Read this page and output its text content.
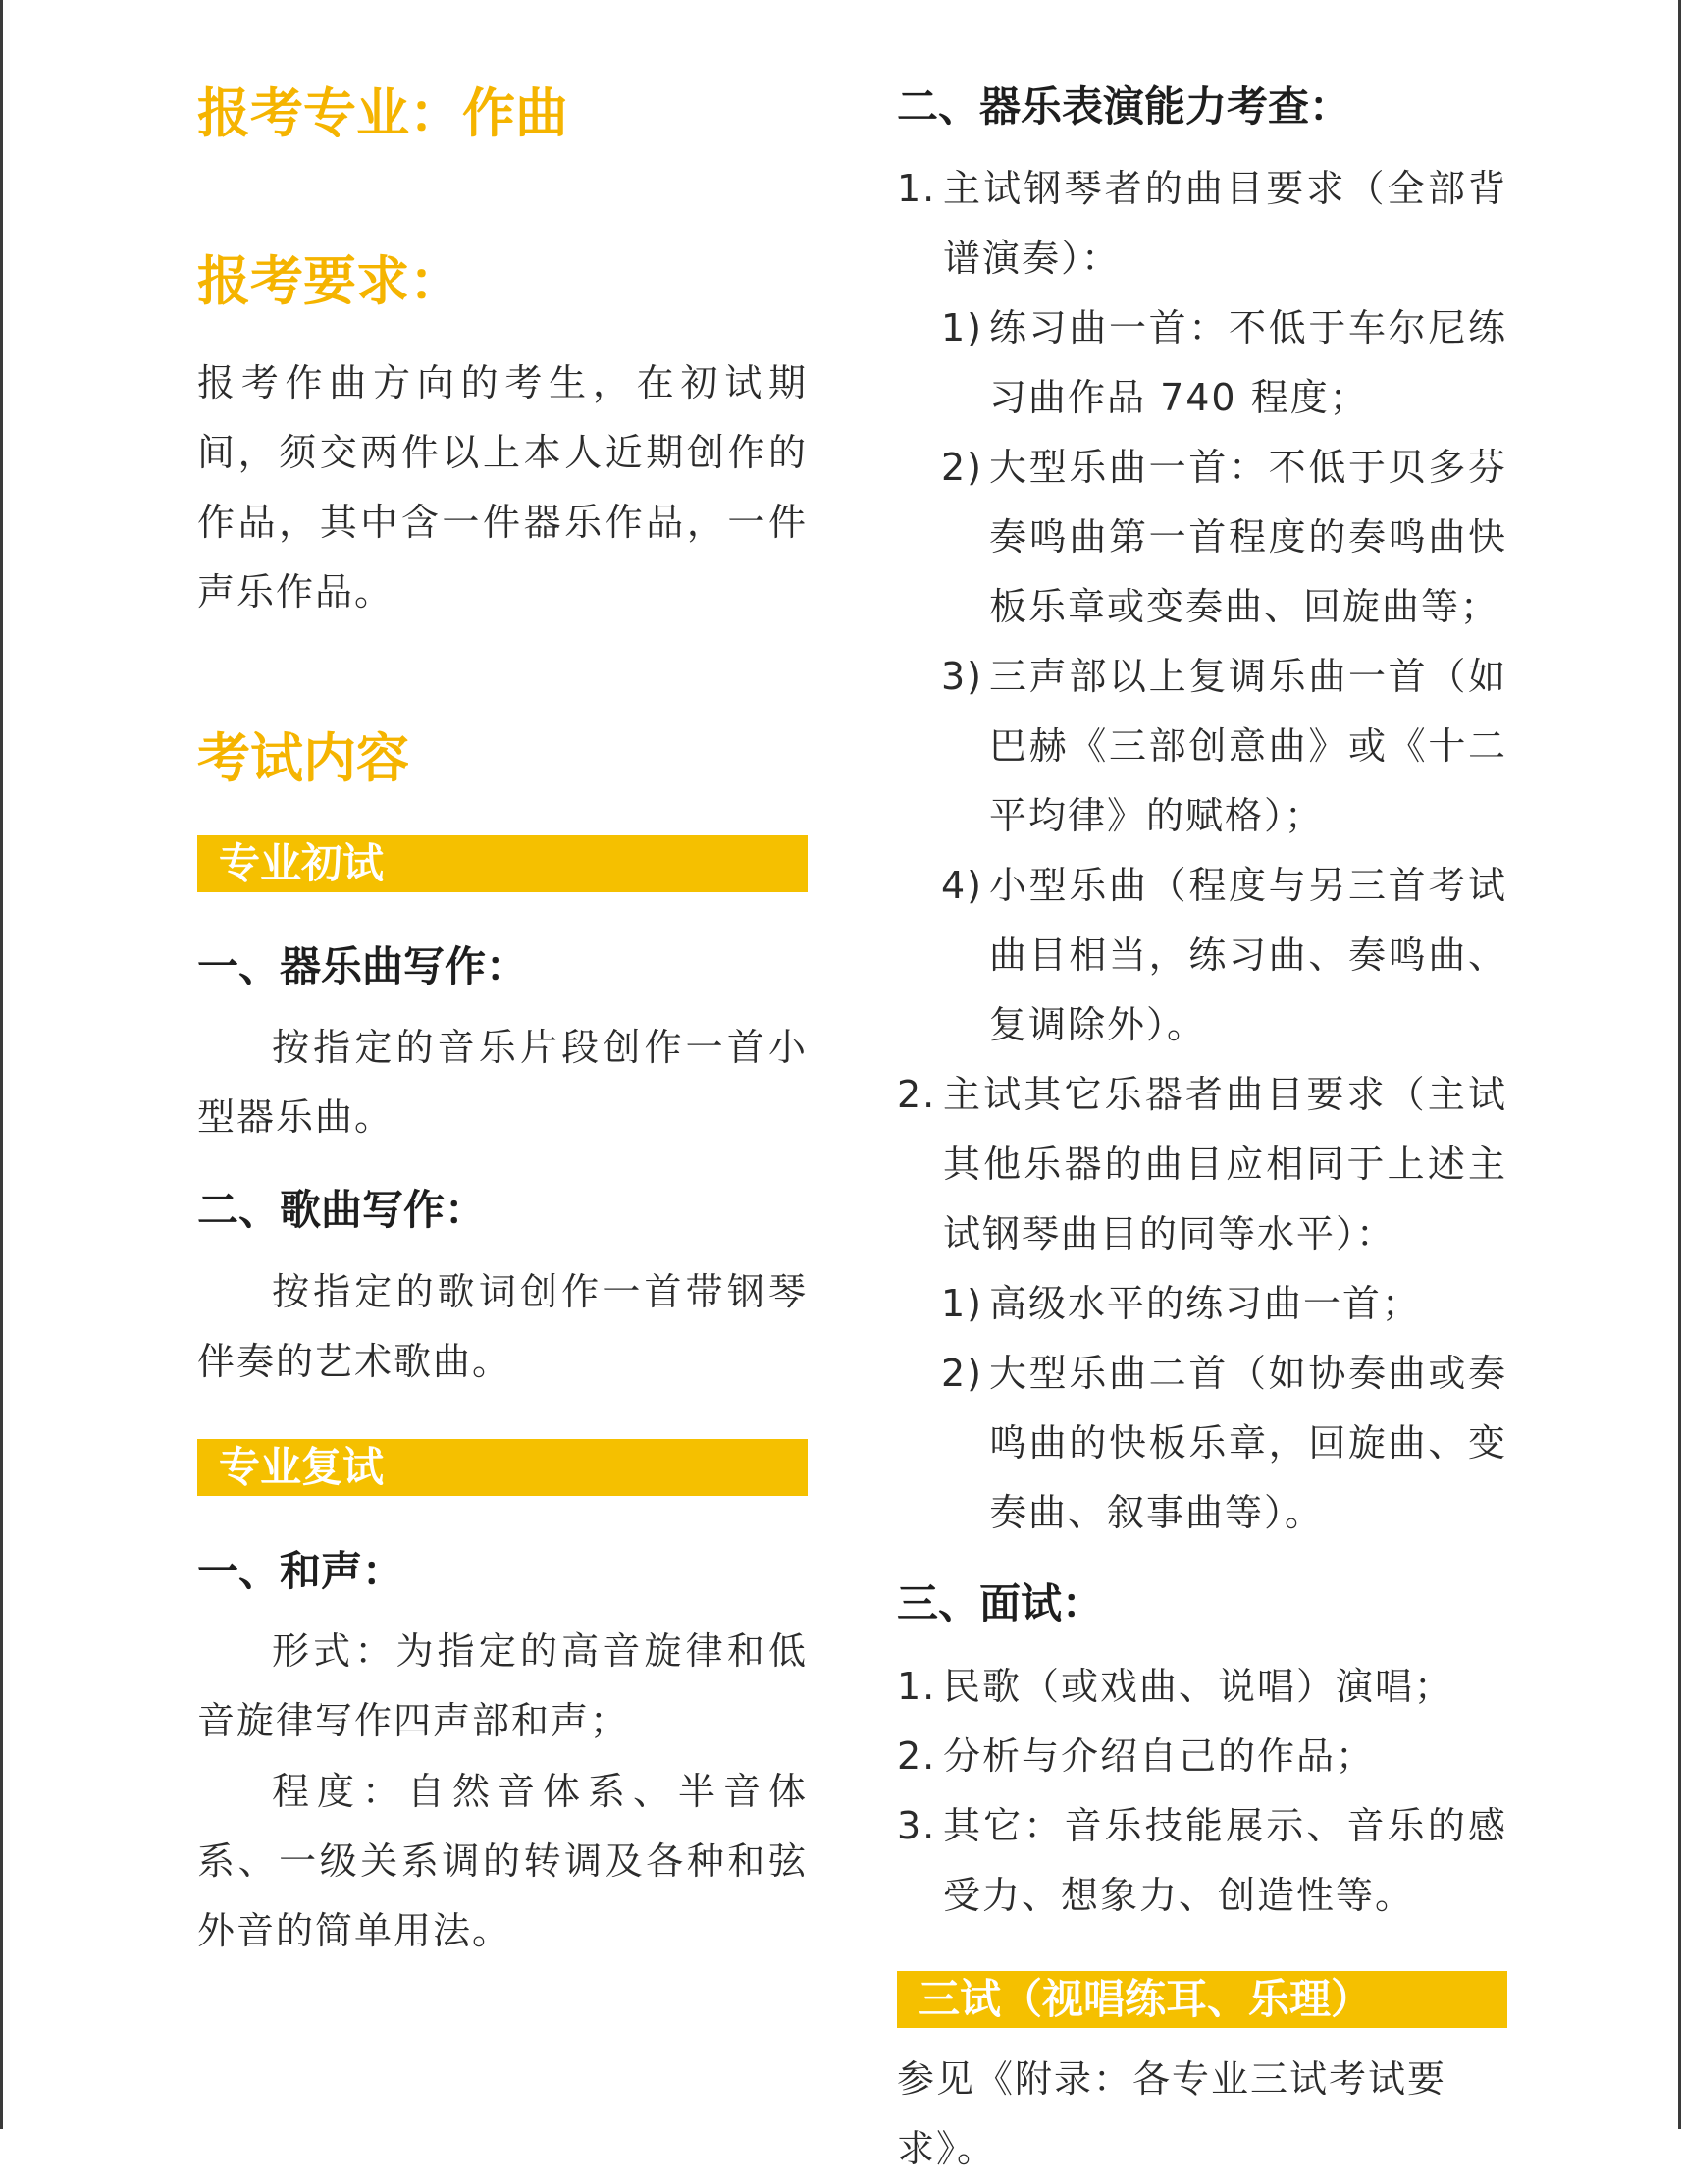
报考专业：作曲
报考要求：
报考作曲方向的考生，在初试期间，须交两件以上本人近期创作的作品，其中含一件器乐作品，一件声乐作品。
考试内容
专业初试
一、器乐曲写作：
按指定的音乐片段创作一首小型器乐曲。
二、歌曲写作：
按指定的歌词创作一首带钢琴伴奏的艺术歌曲。
专业复试
一、和声：
形式：为指定的高音旋律和低音旋律写作四声部和声；
程度：自然音体系、半音体系、一级关系调的转调及各种和弦外音的简单用法。
二、器乐表演能力考查：
1. 主试钢琴者的曲目要求（全部背谱演奏）：
1) 练习曲一首：不低于车尔尼练习曲作品 740 程度；
2) 大型乐曲一首：不低于贝多芬奏鸣曲第一首程度的奏鸣曲快板乐章或变奏曲、回旋曲等；
3) 三声部以上复调乐曲一首（如巴赫《三部创意曲》或《十二平均律》的赋格）；
4) 小型乐曲（程度与另三首考试曲目相当，练习曲、奏鸣曲、复调除外）。
2. 主试其它乐器者曲目要求（主试其他乐器的曲目应相同于上述主试钢琴曲目的同等水平）：
1) 高级水平的练习曲一首；
2) 大型乐曲二首（如协奏曲或奏鸣曲的快板乐章，回旋曲、变奏曲、叙事曲等）。
三、面试：
1. 民歌（或戏曲、说唱）演唱；
2. 分析与介绍自己的作品；
3. 其它：音乐技能展示、音乐的感受力、想象力、创造性等。
三试（视唱练耳、乐理）
参见《附录：各专业三试考试要求》。
